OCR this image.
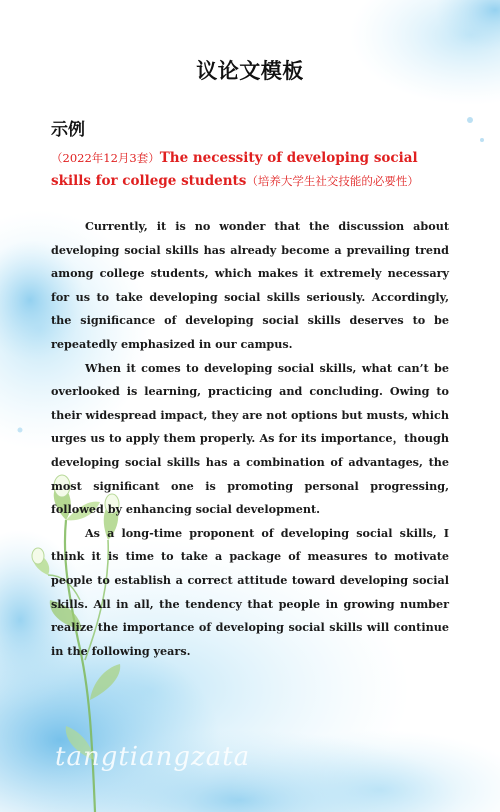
议论文模板
示例
（2022年12月3套）The necessity of developing social skills for college students（培养大学生社交技能的必要性）

Currently, it is no wonder that the discussion about developing social skills has already become a prevailing trend among college students, which makes it extremely necessary for us to take developing social skills seriously. Accordingly, the significance of developing social skills deserves to be repeatedly emphasized in our campus.

When it comes to developing social skills, what can’t be overlooked is learning, practicing and concluding. Owing to their widespread impact, they are not options but musts, which urges us to apply them properly. As for its importance，though developing social skills has a combination of advantages, the most significant one is promoting personal progressing, followed by enhancing social development.

As a long-time proponent of developing social skills, I think it is time to take a package of measures to motivate people to establish a correct attitude toward developing social skills. All in all, the tendency that people in growing number realize the importance of developing social skills will continue in the following years.

tangtiangzata
